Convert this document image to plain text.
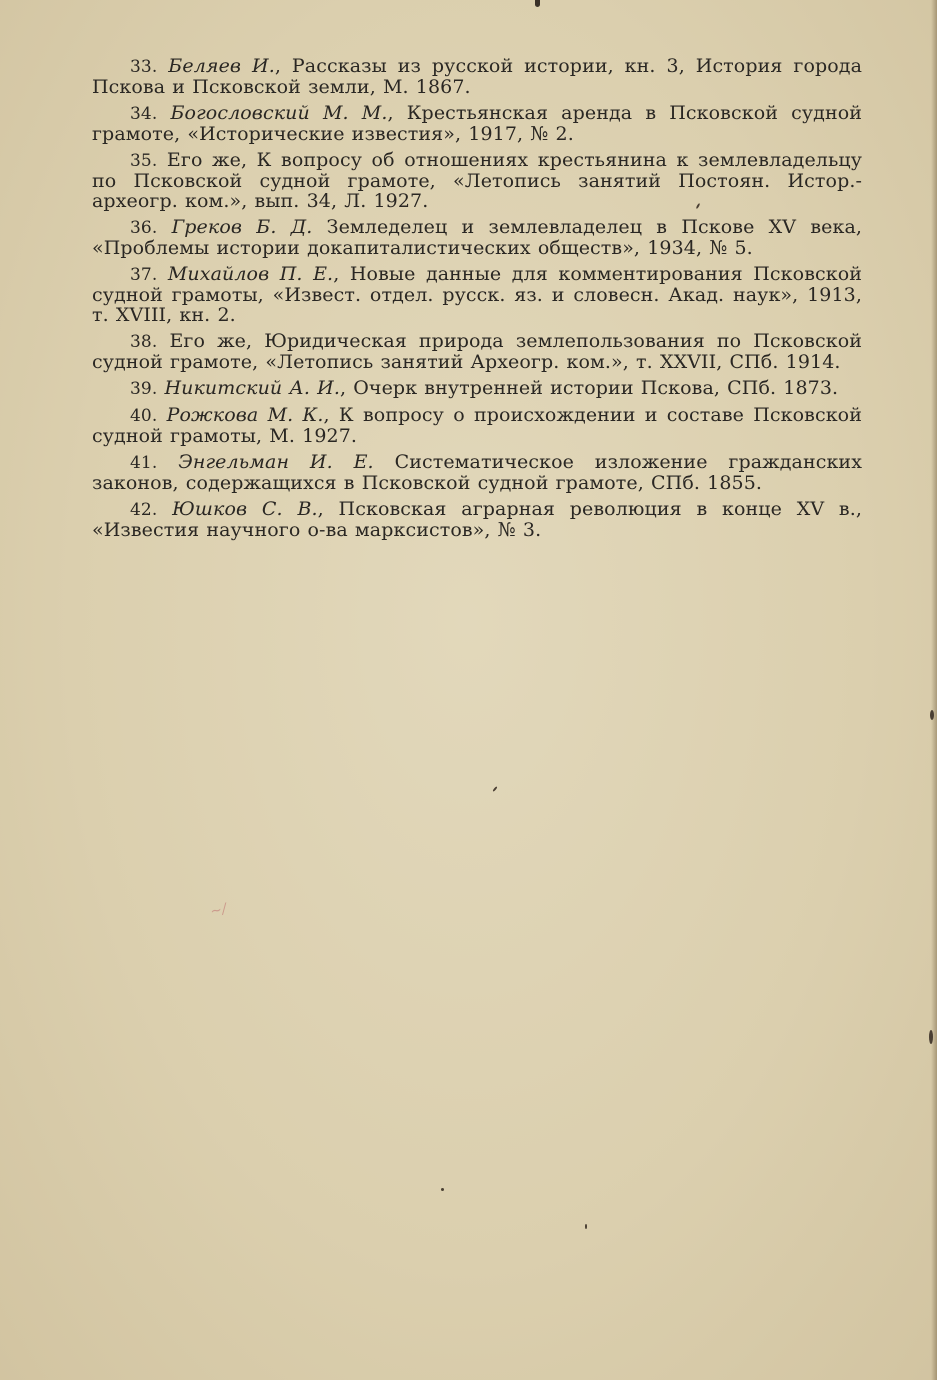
~/

33. Беляев И., Рассказы из русской истории, кн. 3, История города Пскова и Псковской земли, М. 1867.

34. Богословский М. М., Крестьянская аренда в Псковской судной грамоте, «Исторические известия», 1917, № 2.

35. Его же, К вопросу об отношениях крестьянина к землевладельцу по Псковской судной грамоте, «Летопись занятий Постоян. Истор.-археогр. ком.», вып. 34, Л. 1927.

36. Греков Б. Д. Земледелец и землевладелец в Пскове XV века, «Проблемы истории докапиталистических обществ», 1934, № 5.

37. Михайлов П. Е., Новые данные для комментирования Псковской судной грамоты, «Извест. отдел. русск. яз. и словесн. Акад. наук», 1913, т. XVIII, кн. 2.

38. Его же, Юридическая природа землепользования по Псковской судной грамоте, «Летопись занятий Археогр. ком.», т. XXVII, СПб. 1914.

39. Никитский А. И., Очерк внутренней истории Пскова, СПб. 1873.

40. Рожкова М. К., К вопросу о происхождении и составе Псковской судной грамоты, М. 1927.

41. Энгельман И. Е. Систематическое изложение гражданских законов, содержащихся в Псковской судной грамоте, СПб. 1855.

42. Юшков С. В., Псковская аграрная революция в конце XV в., «Известия научного о-ва марксистов», № 3.
